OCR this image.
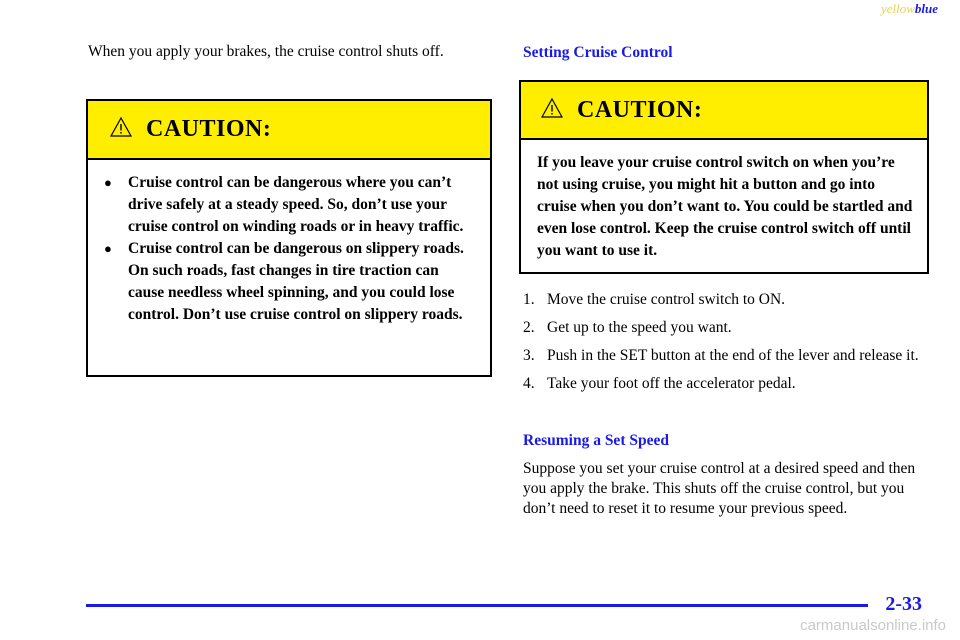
yellowblue
When you apply your brakes, the cruise control shuts off.
CAUTION:
●	Cruise control can be dangerous where you can’t drive safely at a steady speed. So, don’t use your cruise control on winding roads or in heavy traffic.
●	Cruise control can be dangerous on slippery roads. On such roads, fast changes in tire traction can cause needless wheel spinning, and you could lose control. Don’t use cruise control on slippery roads.
Setting Cruise Control
CAUTION:
If you leave your cruise control switch on when you’re not using cruise, you might hit a button and go into cruise when you don’t want to. You could be startled and even lose control. Keep the cruise control switch off until you want to use it.
1. Move the cruise control switch to ON.
2. Get up to the speed you want.
3. Push in the SET button at the end of the lever and release it.
4. Take your foot off the accelerator pedal.
Resuming a Set Speed
Suppose you set your cruise control at a desired speed and then you apply the brake. This shuts off the cruise control, but you don’t need to reset it to resume your previous speed.
2-33
carmanualsonline.info
